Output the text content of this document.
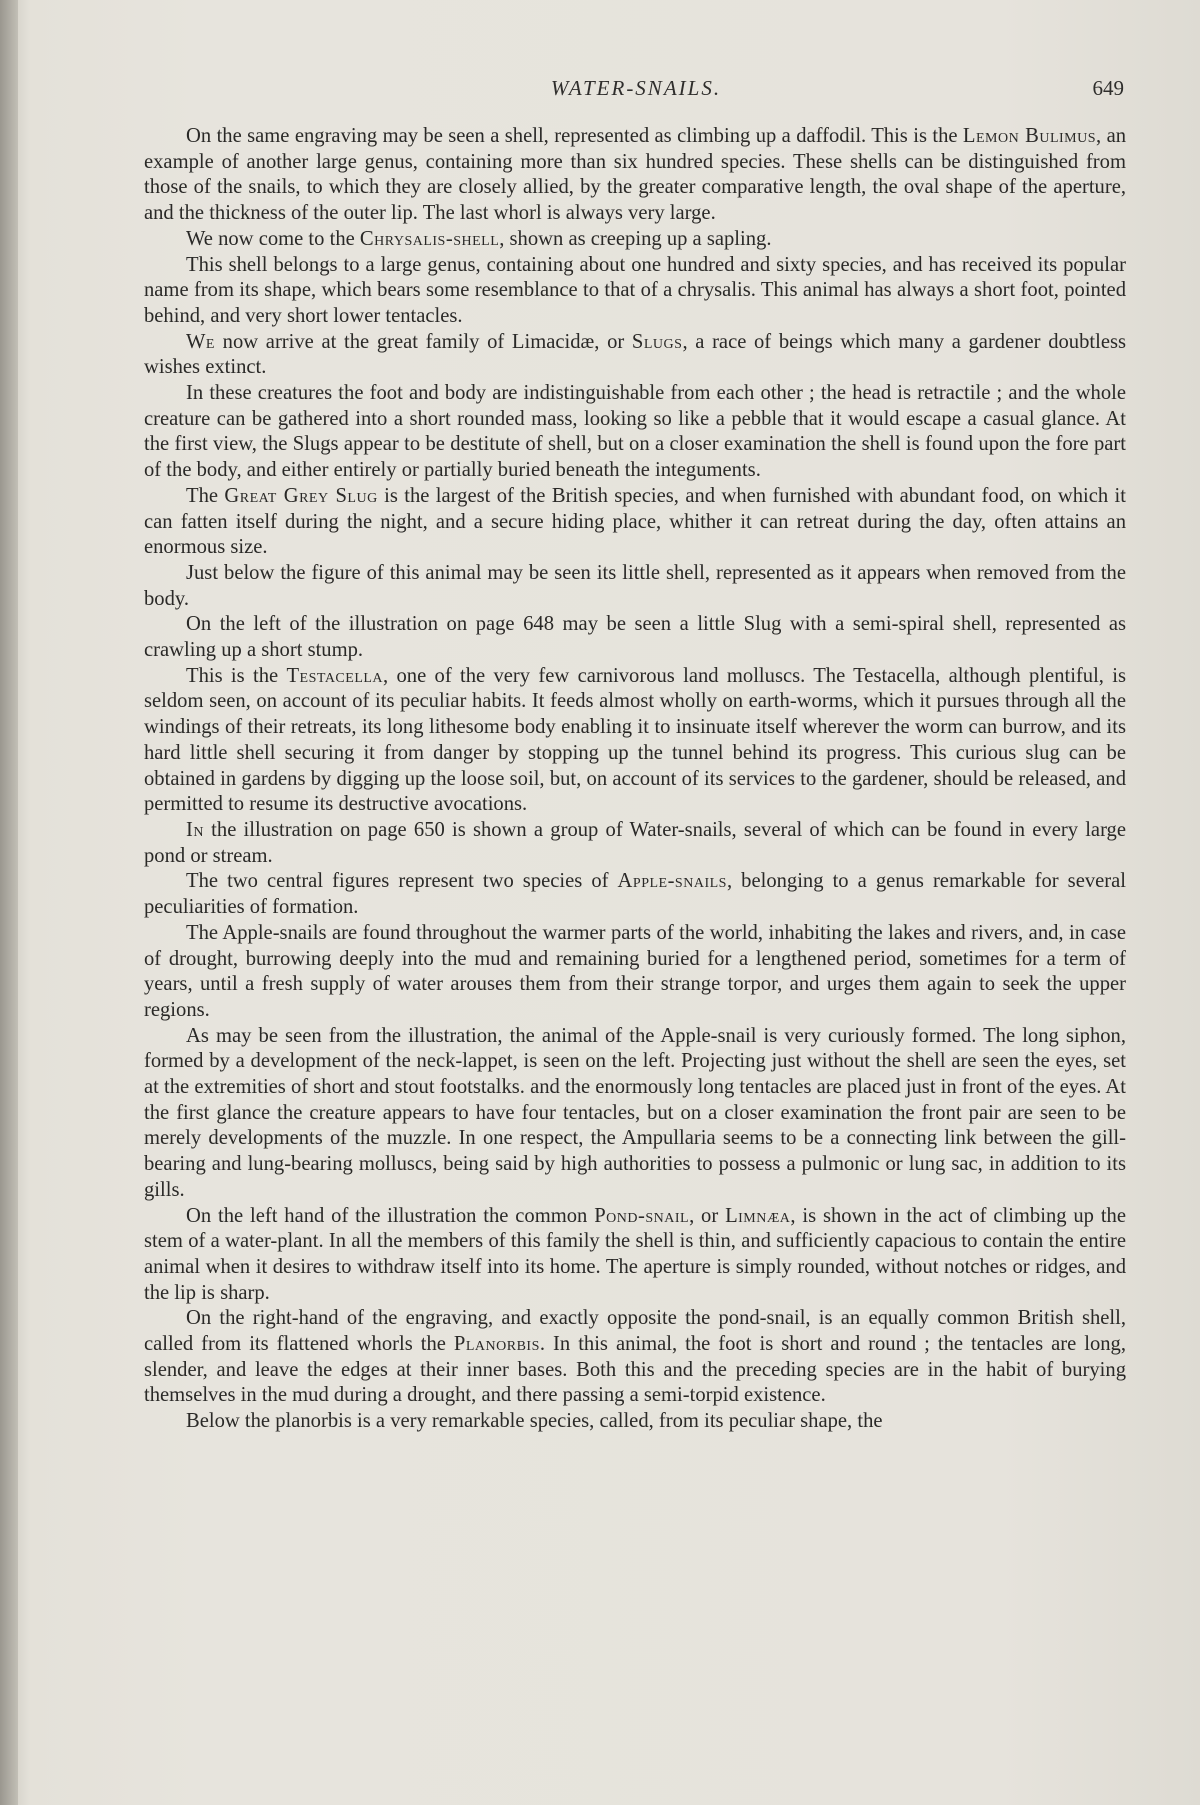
WATER-SNAILS.	649

On the same engraving may be seen a shell, represented as climbing up a daffodil. This is the Lemon Bulimus, an example of another large genus, containing more than six hundred species. These shells can be distinguished from those of the snails, to which they are closely allied, by the greater comparative length, the oval shape of the aperture, and the thickness of the outer lip. The last whorl is always very large.

We now come to the Chrysalis-shell, shown as creeping up a sapling.

This shell belongs to a large genus, containing about one hundred and sixty species, and has received its popular name from its shape, which bears some resemblance to that of a chrysalis. This animal has always a short foot, pointed behind, and very short lower tentacles.

We now arrive at the great family of Limacidæ, or Slugs, a race of beings which many a gardener doubtless wishes extinct.

In these creatures the foot and body are indistinguishable from each other ; the head is retractile ; and the whole creature can be gathered into a short rounded mass, looking so like a pebble that it would escape a casual glance. At the first view, the Slugs appear to be destitute of shell, but on a closer examination the shell is found upon the fore part of the body, and either entirely or partially buried beneath the integuments.

The Great Grey Slug is the largest of the British species, and when furnished with abundant food, on which it can fatten itself during the night, and a secure hiding place, whither it can retreat during the day, often attains an enormous size.

Just below the figure of this animal may be seen its little shell, represented as it appears when removed from the body.

On the left of the illustration on page 648 may be seen a little Slug with a semi-spiral shell, represented as crawling up a short stump.

This is the Testacella, one of the very few carnivorous land molluscs. The Testacella, although plentiful, is seldom seen, on account of its peculiar habits. It feeds almost wholly on earth-worms, which it pursues through all the windings of their retreats, its long lithesome body enabling it to insinuate itself wherever the worm can burrow, and its hard little shell securing it from danger by stopping up the tunnel behind its progress. This curious slug can be obtained in gardens by digging up the loose soil, but, on account of its services to the gardener, should be released, and permitted to resume its destructive avocations.

In the illustration on page 650 is shown a group of Water-snails, several of which can be found in every large pond or stream.

The two central figures represent two species of Apple-snails, belonging to a genus remarkable for several peculiarities of formation.

The Apple-snails are found throughout the warmer parts of the world, inhabiting the lakes and rivers, and, in case of drought, burrowing deeply into the mud and remaining buried for a lengthened period, sometimes for a term of years, until a fresh supply of water arouses them from their strange torpor, and urges them again to seek the upper regions.

As may be seen from the illustration, the animal of the Apple-snail is very curiously formed. The long siphon, formed by a development of the neck-lappet, is seen on the left. Projecting just without the shell are seen the eyes, set at the extremities of short and stout footstalks. and the enormously long tentacles are placed just in front of the eyes. At the first glance the creature appears to have four tentacles, but on a closer examination the front pair are seen to be merely developments of the muzzle. In one respect, the Ampullaria seems to be a connecting link between the gill-bearing and lung-bearing molluscs, being said by high authorities to possess a pulmonic or lung sac, in addition to its gills.

On the left hand of the illustration the common Pond-snail, or Limnæa, is shown in the act of climbing up the stem of a water-plant. In all the members of this family the shell is thin, and sufficiently capacious to contain the entire animal when it desires to withdraw itself into its home. The aperture is simply rounded, without notches or ridges, and the lip is sharp.

On the right-hand of the engraving, and exactly opposite the pond-snail, is an equally common British shell, called from its flattened whorls the Planorbis. In this animal, the foot is short and round ; the tentacles are long, slender, and leave the edges at their inner bases. Both this and the preceding species are in the habit of burying themselves in the mud during a drought, and there passing a semi-torpid existence.

Below the planorbis is a very remarkable species, called, from its peculiar shape, the
